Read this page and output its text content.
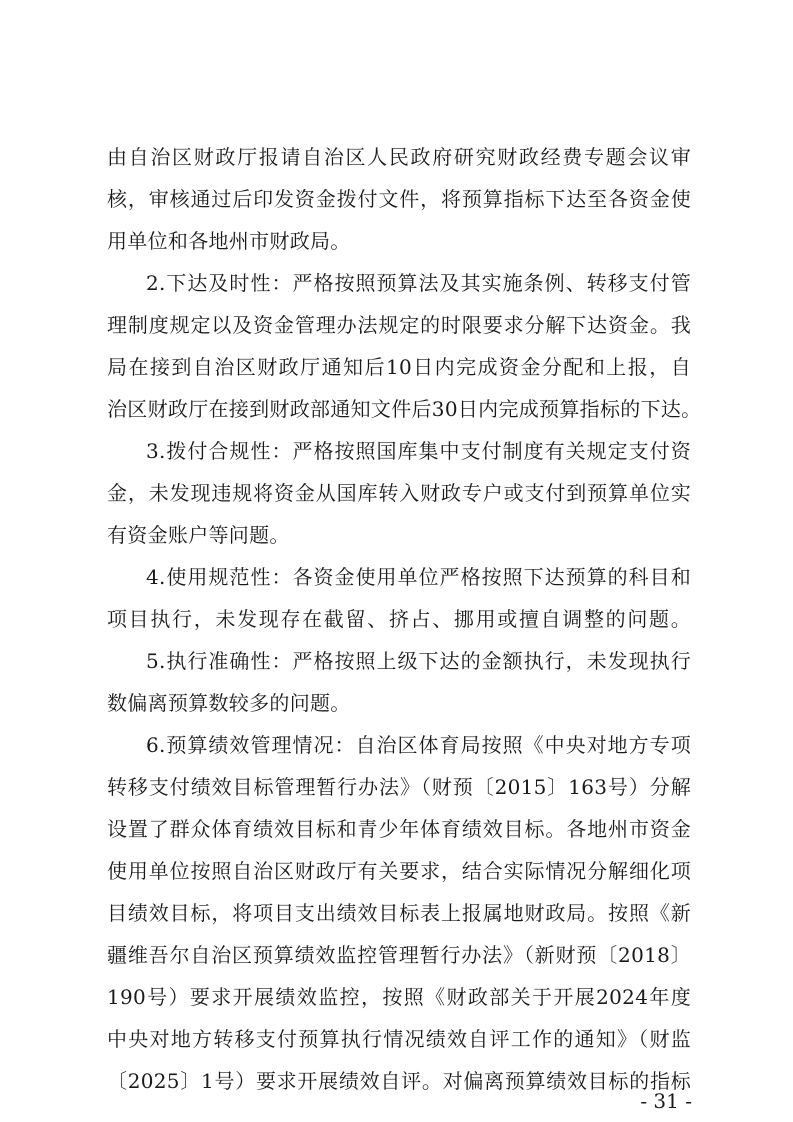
由自治区财政厅报请自治区人民政府研究财政经费专题会议审
核，审核通过后印发资金拨付文件，将预算指标下达至各资金使
用单位和各地州市财政局。
2.下达及时性：严格按照预算法及其实施条例、转移支付管
理制度规定以及资金管理办法规定的时限要求分解下达资金。我
局在接到自治区财政厅通知后10日内完成资金分配和上报，自
治区财政厅在接到财政部通知文件后30日内完成预算指标的下达。
3.拨付合规性：严格按照国库集中支付制度有关规定支付资
金，未发现违规将资金从国库转入财政专户或支付到预算单位实
有资金账户等问题。
4.使用规范性：各资金使用单位严格按照下达预算的科目和
项目执行，未发现存在截留、挤占、挪用或擅自调整的问题。
5.执行准确性：严格按照上级下达的金额执行，未发现执行
数偏离预算数较多的问题。
6.预算绩效管理情况：自治区体育局按照《中央对地方专项
转移支付绩效目标管理暂行办法》（财预〔2015〕163号）分解
设置了群众体育绩效目标和青少年体育绩效目标。各地州市资金
使用单位按照自治区财政厅有关要求，结合实际情况分解细化项
目绩效目标，将项目支出绩效目标表上报属地财政局。按照《新
疆维吾尔自治区预算绩效监控管理暂行办法》（新财预〔2018〕
190号）要求开展绩效监控，按照《财政部关于开展2024年度
中央对地方转移支付预算执行情况绩效自评工作的通知》（财监
〔2025〕1号）要求开展绩效自评。对偏离预算绩效目标的指标
- 31 -
